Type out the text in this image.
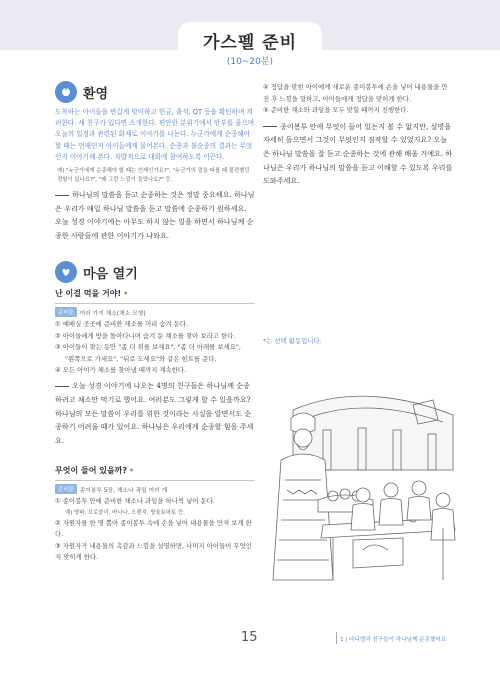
가스펠 준비
(10~20분)
환영

도착하는 아이들을 반갑게 맞이하고 헌금, 출석, QT 등을 확인하며 격려한다. 새 친구가 있다면 소개한다. 편안한 분위기에서 안부를 물으며 오늘의 일정과 관련된 화제로 이야기를 나눈다. 누군가에게 순종해야 할 때는 언제인지 아이들에게 물어본다. 순종과 불순종의 결과는 무엇인지 이야기해 본다. 자발적으로 대화에 참여하도록 이끈다.

예) "누군가에게 순종해야 할 때는 언제인가요?", "누군가의 말을 따를 때 불편했던 경험이 있나요?", "왜 그런 느낌이 들었나요?" 등.
하나님의 말씀을 듣고 순종하는 것은 정말 중요해요. 하나님은 우리가 매일 하나님 말씀을 듣고 말씀에 순종하기 원하세요. 오늘 성경 이야기에는 아무도 하지 않는 일을 하면서 하나님께 순종한 사람들에 관한 이야기가 나와요.
마음 열기
난 이걸 먹을 거야! •
준비물	여러 가지 채소(채소 모형)
① 예배실 곳곳에 준비한 채소를 미리 숨겨 둔다.
② 아이들에게 방을 돌아다니며 숨겨 둔 채소를 찾아 보라고 한다.
③ 아이들이 찾는 동안 "좀 더 위를 보세요", "좀 더 아래를 보세요",
"왼쪽으로 가세요", "뒤로 도세요"와 같은 힌트를 준다.
④ 모든 아이가 채소를 찾아낼 때까지 계속한다.
오늘 성경 이야기에 나오는 4명의 친구들은 하나님께 순종하려고 채소만 먹기로 했어요. 여러분도 그렇게 할 수 있을까요? 하나님의 모든 말씀이 우리를 위한 것이라는 사실을 알면서도 순종하기 어려울 때가 있어요. 하나님은 우리에게 순종할 힘을 주세요.
무엇이 들어 있을까? •
준비물	종이봉투 5장, 채소나 과일 여러 개
① 종이봉투 안에 준비한 채소나 과일을 하나씩 넣어 둔다.
예) 양파, 브로콜리, 바나나, 오렌지, 방울토마토 등.
② 자원자를 한 명 뽑아 종이봉투 속에 손을 넣어 내용물을 만져 보게 한다.
③ 자원자가 내용물의 촉감과 느낌을 설명하면, 나머지 아이들이 무엇인지 맞히게 한다.
④ 정답을 맞힌 아이에게 새로운 종이봉투에 손을 넣어 내용물을 만진 후 느낌을 말하고, 아이들에게 정답을 맞히게 한다.
⑤ 준비한 채소와 과일을 모두 맞힐 때까지 진행한다.
종이봉투 안에 무엇이 들어 있는지 볼 수 없지만, 설명을 자세히 들으면서 그것이 무엇인지 짐작할 수 있었지요? 오늘은 하나님 말씀을 잘 듣고 순종하는 것에 관해 배울 거예요. 하나님은 우리가 하나님의 말씀을 듣고 이해할 수 있도록 우리를 도와주세요.
*는 선택 활동입니다.
15	1 | 다니엘과 친구들이 하나님께 순종했어요
